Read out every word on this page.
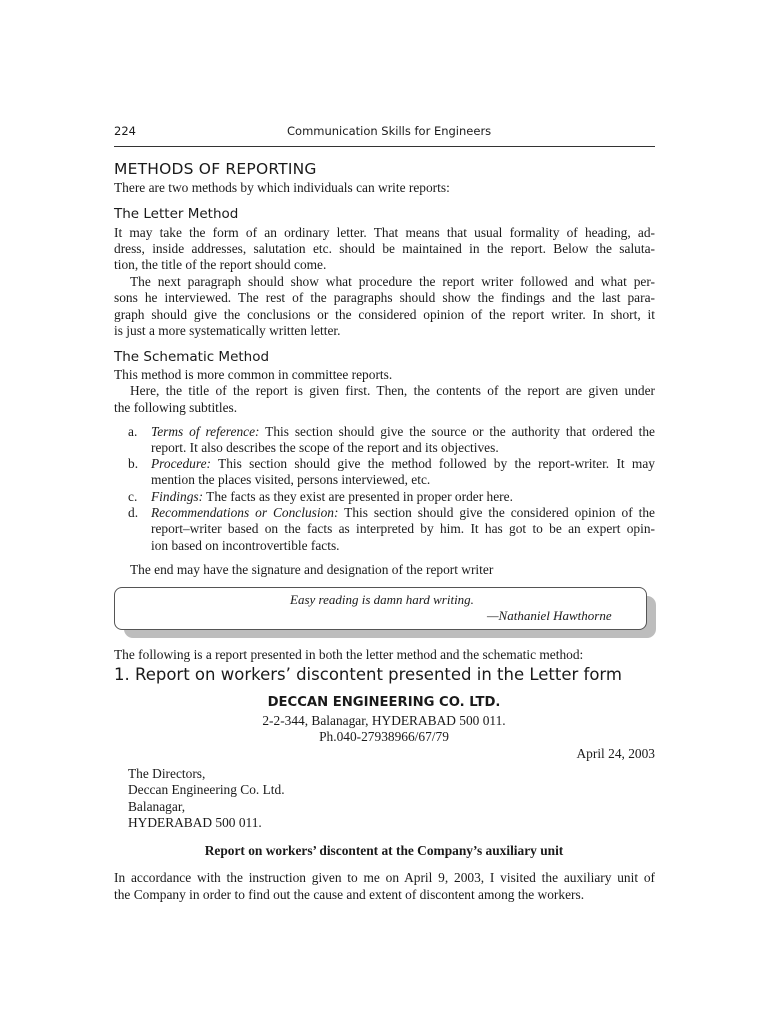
224	Communication Skills for Engineers
METHODS OF REPORTING
There are two methods by which individuals can write reports:
The Letter Method
It may take the form of an ordinary letter. That means that usual formality of heading, ad-
dress, inside addresses, salutation etc. should be maintained in the report. Below the saluta-
tion, the title of the report should come.
The next paragraph should show what procedure the report writer followed and what per-
sons he interviewed. The rest of the paragraphs should show the findings and the last para-
graph should give the conclusions or the considered opinion of the report writer. In short, it
is just a more systematically written letter.
The Schematic Method
This method is more common in committee reports.
Here, the title of the report is given first. Then, the contents of the report are given under
the following subtitles.
a. Terms of reference: This section should give the source or the authority that ordered the
report. It also describes the scope of the report and its objectives.
b. Procedure: This section should give the method followed by the report-writer. It may
mention the places visited, persons interviewed, etc.
c. Findings: The facts as they exist are presented in proper order here.
d. Recommendations or Conclusion: This section should give the considered opinion of the
report–writer based on the facts as interpreted by him. It has got to be an expert opin-
ion based on incontrovertible facts.
The end may have the signature and designation of the report writer
Easy reading is damn hard writing.
—Nathaniel Hawthorne
The following is a report presented in both the letter method and the schematic method:
1. Report on workers’ discontent presented in the Letter form
DECCAN ENGINEERING CO. LTD.
2-2-344, Balanagar, HYDERABAD 500 011.
Ph.040-27938966/67/79
April 24, 2003
The Directors,
Deccan Engineering Co. Ltd.
Balanagar,
HYDERABAD 500 011.
Report on workers’ discontent at the Company’s auxiliary unit
In accordance with the instruction given to me on April 9, 2003, I visited the auxiliary unit of
the Company in order to find out the cause and extent of discontent among the workers.
